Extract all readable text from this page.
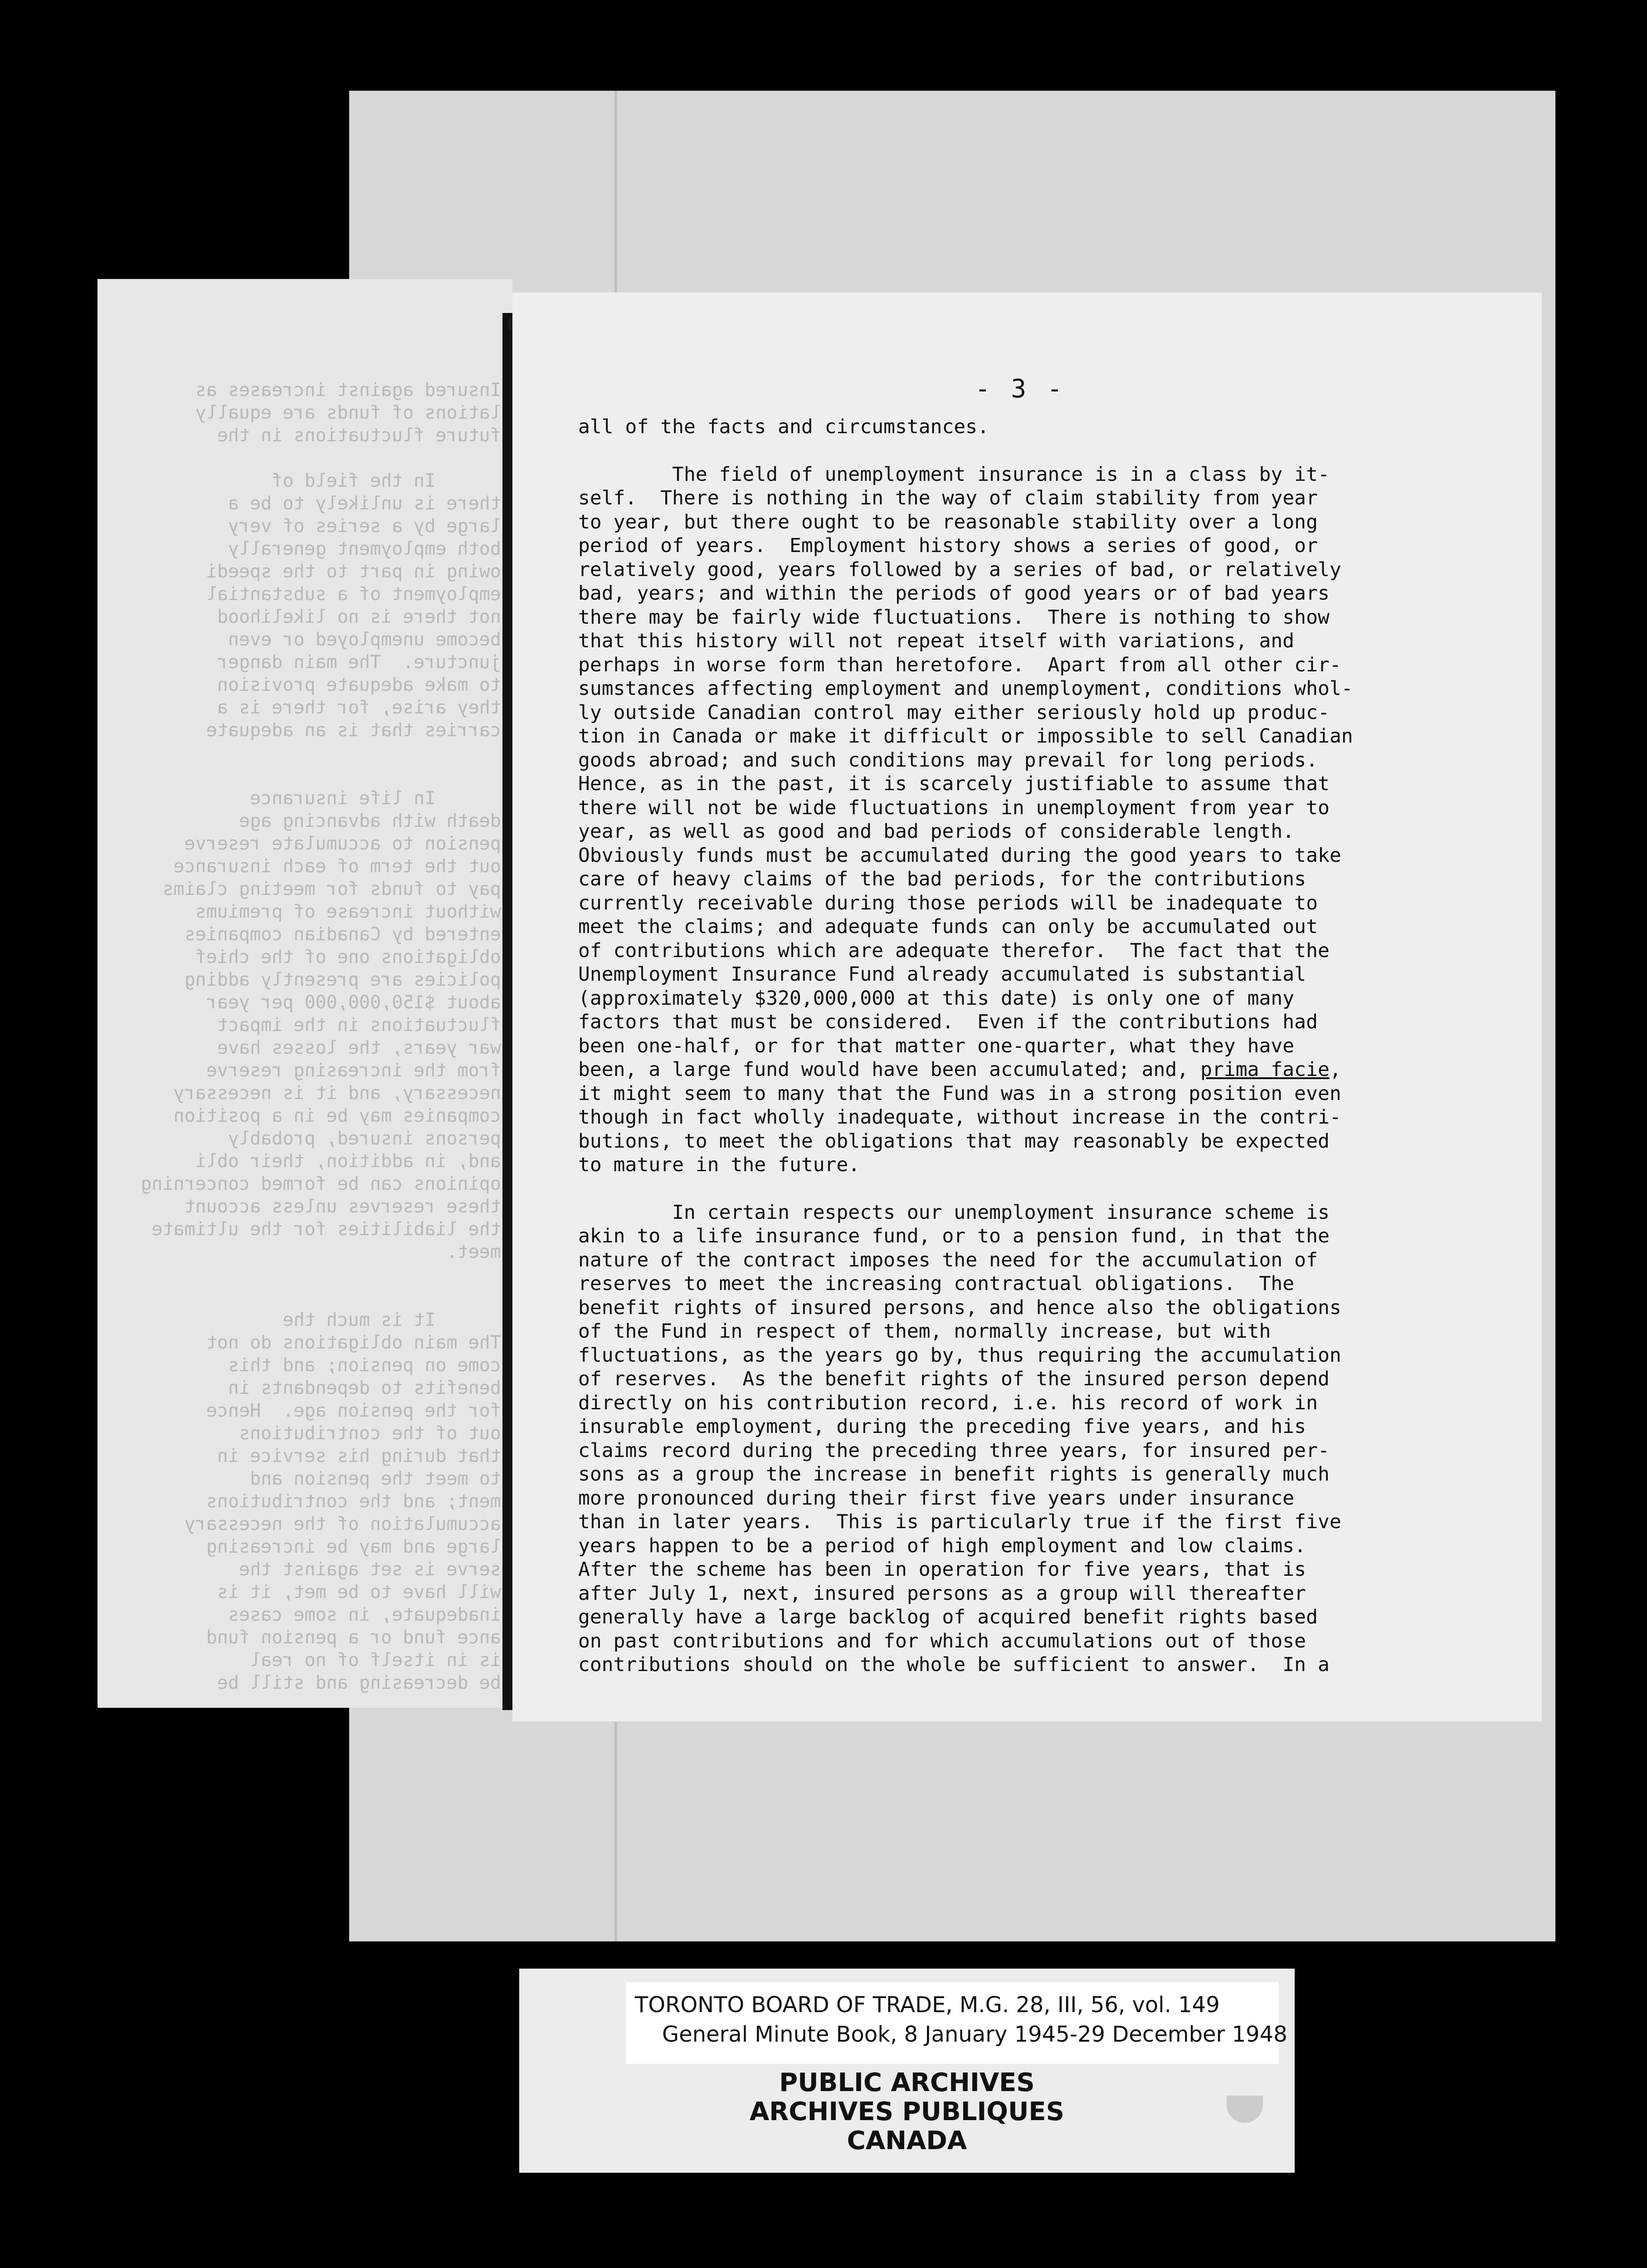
Insured against increases as
lations of funds are equally
future fluctuations in the

In the field of
there is unlikely to be a
large by a series of very
both employment generally
owing in part to the speedi
employment of a substantial
not there is no likelihood
become unemployed or even
juncture.  The main danger
to make adequate provision
they arise, for there is a
carries that is an adequate

In life insurance
death with advancing age
pension to accumulate reserve
out the term of each insurance
pay to funds for meeting claims
without increase of premiums
entered by Canadian companies
obligations one of the chief
policies are presently adding
about $150,000,000 per year
fluctuations in the impact
war years, the losses have
from the increasing reserve
necessary, and it is necessary
companies may be in a position
persons insured, probably
and, in addition, their obli
opinions can be formed concerning
these reserves unless account
the liabilities for the ultimate
meet.

It is much the
The main obligations do not
come on pension; and this
benefits to dependants in
for the pension age.  Hence
out of the contributions
that during his service in
to meet the pension and
ment; and the contributions
accumulation of the necessary
large and may be increasing
serve is set against the
will have to be met, it is
inadequate, in some cases
ance fund or a pension fund
is in itself of no real
be decreasing and still be
- 3 -
all of the facts and circumstances.
The field of unemployment insurance is in a class by it-
self.  There is nothing in the way of claim stability from year
to year, but there ought to be reasonable stability over a long
period of years.  Employment history shows a series of good, or
relatively good, years followed by a series of bad, or relatively
bad, years; and within the periods of good years or of bad years
there may be fairly wide fluctuations.  There is nothing to show
that this history will not repeat itself with variations, and
perhaps in worse form than heretofore.  Apart from all other cir-
sumstances affecting employment and unemployment, conditions whol-
ly outside Canadian control may either seriously hold up produc-
tion in Canada or make it difficult or impossible to sell Canadian
goods abroad; and such conditions may prevail for long periods.
Hence, as in the past, it is scarcely justifiable to assume that
there will not be wide fluctuations in unemployment from year to
year, as well as good and bad periods of considerable length.
Obviously funds must be accumulated during the good years to take
care of heavy claims of the bad periods, for the contributions
currently receivable during those periods will be inadequate to
meet the claims; and adequate funds can only be accumulated out
of contributions which are adequate therefor.  The fact that the
Unemployment Insurance Fund already accumulated is substantial
(approximately $320,000,000 at this date) is only one of many
factors that must be considered.  Even if the contributions had
been one-half, or for that matter one-quarter, what they have
been, a large fund would have been accumulated; and, prima facie,
it might seem to many that the Fund was in a strong position even
though in fact wholly inadequate, without increase in the contri-
butions, to meet the obligations that may reasonably be expected
to mature in the future.
In certain respects our unemployment insurance scheme is
akin to a life insurance fund, or to a pension fund, in that the
nature of the contract imposes the need for the accumulation of
reserves to meet the increasing contractual obligations.  The
benefit rights of insured persons, and hence also the obligations
of the Fund in respect of them, normally increase, but with
fluctuations, as the years go by, thus requiring the accumulation
of reserves.  As the benefit rights of the insured person depend
directly on his contribution record, i.e. his record of work in
insurable employment, during the preceding five years, and his
claims record during the preceding three years, for insured per-
sons as a group the increase in benefit rights is generally much
more pronounced during their first five years under insurance
than in later years.  This is particularly true if the first five
years happen to be a period of high employment and low claims.
After the scheme has been in operation for five years, that is
after July 1, next, insured persons as a group will thereafter
generally have a large backlog of acquired benefit rights based
on past contributions and for which accumulations out of those
contributions should on the whole be sufficient to answer.  In a
TORONTO BOARD OF TRADE, M.G. 28, III, 56, vol. 149
General Minute Book, 8 January 1945-29 December 1948
PUBLIC ARCHIVES
ARCHIVES PUBLIQUES
CANADA
